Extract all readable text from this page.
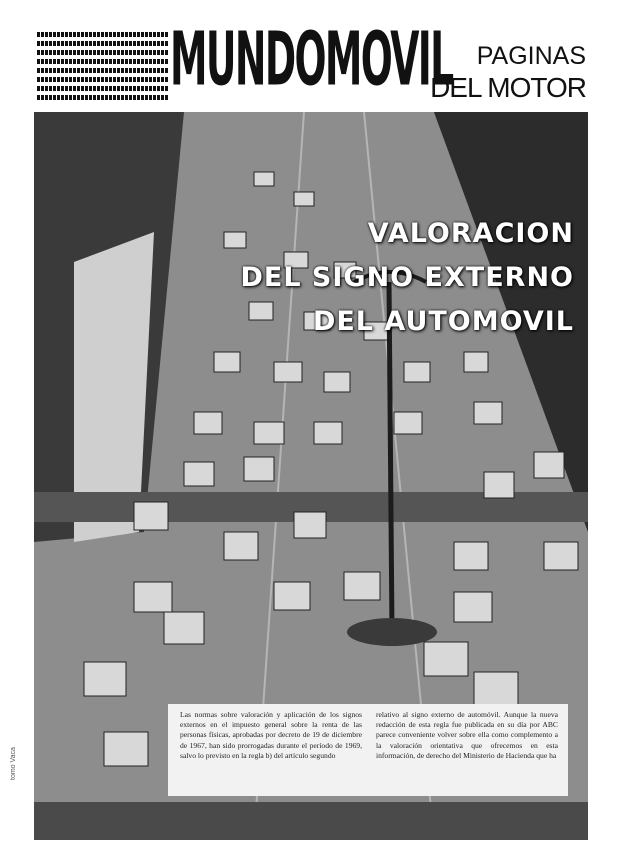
MUNDOMOVIL PAGINAS
DEL MOTOR
VALORACION
DEL SIGNO EXTERNO
DEL AUTOMOVIL
Las normas sobre valoración y aplicación de los signos externos en el impuesto general sobre la renta de las personas físicas, aprobadas por decreto de 19 de diciembre de 1967, han sido prorrogadas durante el período de 1969, salvo lo previsto en la regla b) del artículo segundo
relativo al signo externo de automóvil. Aunque la nueva redacción de esta regla fue publicada en su día por ABC parece conveniente volver sobre ella como complemento a la valoración orientativa que ofrecemos en esta información, de derecho del Ministerio de Hacienda que ha
tomo Vaca
